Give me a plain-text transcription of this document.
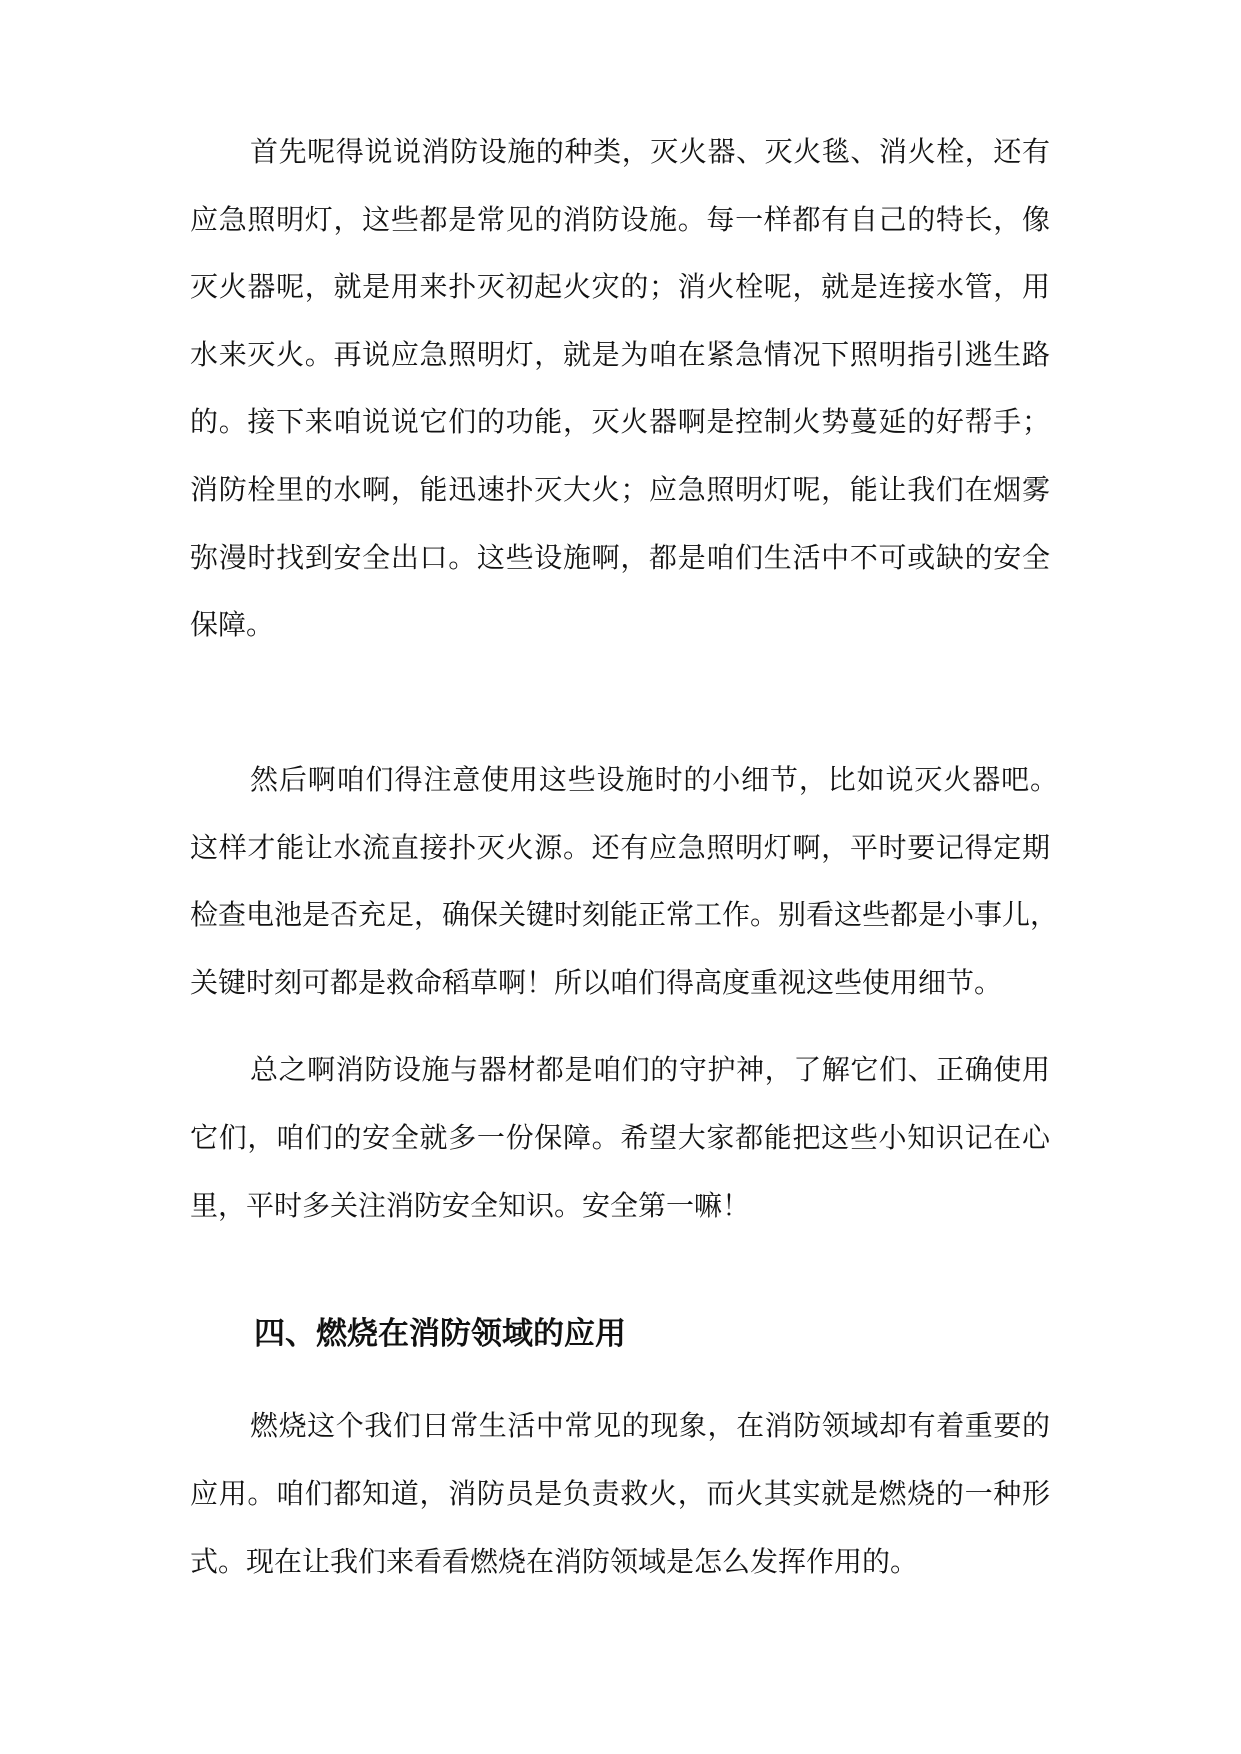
首先呢得说说消防设施的种类，灭火器、灭火毯、消火栓，还有
应急照明灯，这些都是常见的消防设施。每一样都有自己的特长，像
灭火器呢，就是用来扑灭初起火灾的；消火栓呢，就是连接水管，用
水来灭火。再说应急照明灯，就是为咱在紧急情况下照明指引逃生路
的。接下来咱说说它们的功能，灭火器啊是控制火势蔓延的好帮手；
消防栓里的水啊，能迅速扑灭大火；应急照明灯呢，能让我们在烟雾
弥漫时找到安全出口。这些设施啊，都是咱们生活中不可或缺的安全
保障。
然后啊咱们得注意使用这些设施时的小细节，比如说灭火器吧。
这样才能让水流直接扑灭火源。还有应急照明灯啊，平时要记得定期
检查电池是否充足，确保关键时刻能正常工作。别看这些都是小事儿，
关键时刻可都是救命稻草啊！所以咱们得高度重视这些使用细节。
总之啊消防设施与器材都是咱们的守护神，了解它们、正确使用
它们，咱们的安全就多一份保障。希望大家都能把这些小知识记在心
里，平时多关注消防安全知识。安全第一嘛！
四、燃烧在消防领域的应用
燃烧这个我们日常生活中常见的现象，在消防领域却有着重要的
应用。咱们都知道，消防员是负责救火，而火其实就是燃烧的一种形
式。现在让我们来看看燃烧在消防领域是怎么发挥作用的。
